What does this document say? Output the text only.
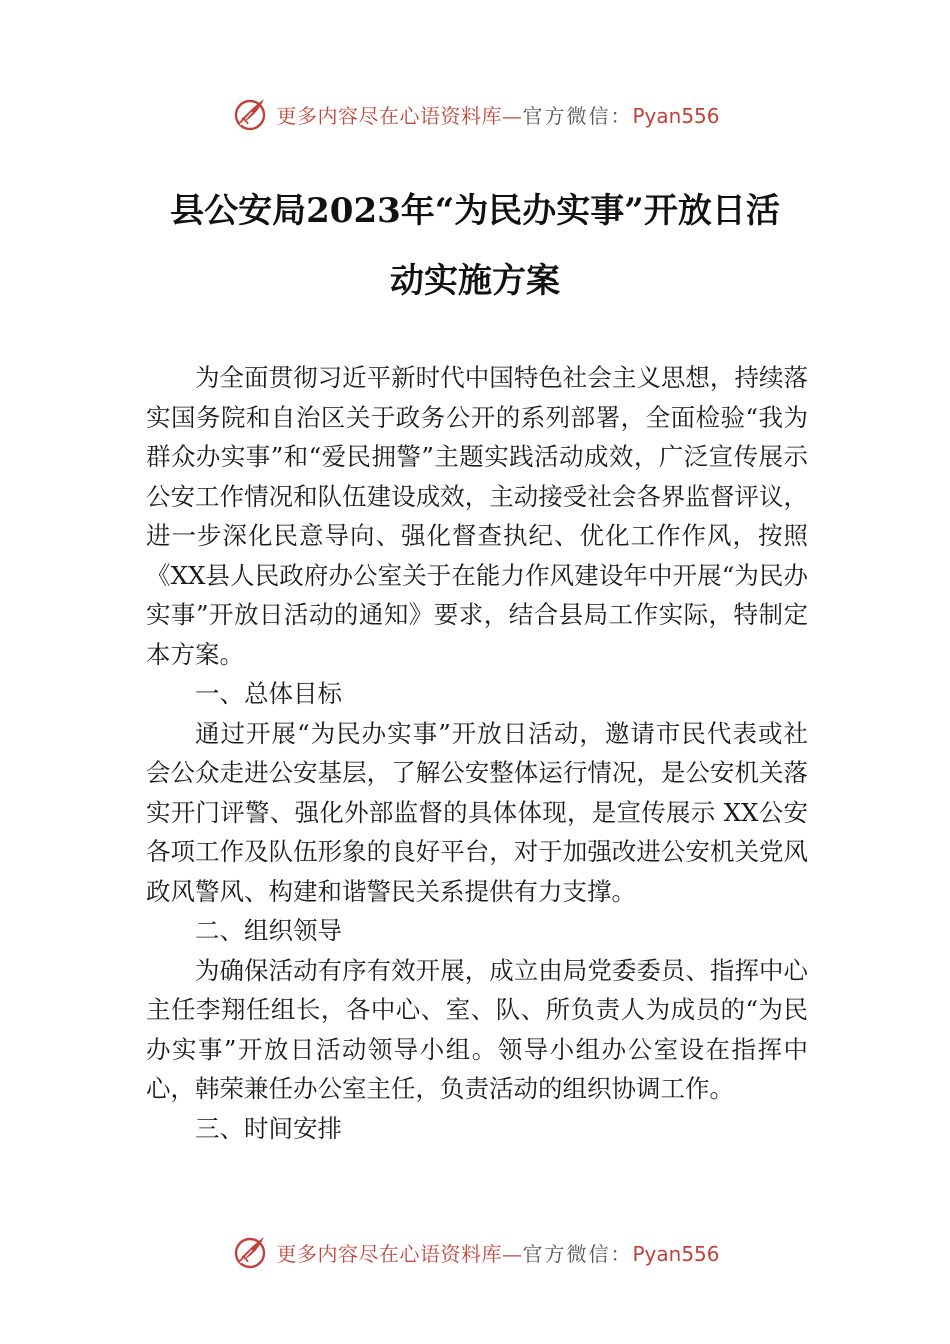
更多内容尽在心语资料库—官方微信：Pyan556
县公安局2023年“为民办实事”开放日活
动实施方案

为全面贯彻习近平新时代中国特色社会主义思想，持续落实国务院和自治区关于政务公开的系列部署，全面检验“我为群众办实事”和“爱民拥警”主题实践活动成效，广泛宣传展示公安工作情况和队伍建设成效，主动接受社会各界监督评议，进一步深化民意导向、强化督查执纪、优化工作作风，按照《XX县人民政府办公室关于在能力作风建设年中开展“为民办实事”开放日活动的通知》要求，结合县局工作实际，特制定本方案。

一、总体目标

通过开展“为民办实事”开放日活动，邀请市民代表或社会公众走进公安基层，了解公安整体运行情况，是公安机关落实开门评警、强化外部监督的具体体现，是宣传展示 XX公安各项工作及队伍形象的良好平台，对于加强改进公安机关党风政风警风、构建和谐警民关系提供有力支撑。

二、组织领导

为确保活动有序有效开展，成立由局党委委员、指挥中心主任李翔任组长，各中心、室、队、所负责人为成员的“为民办实事”开放日活动领导小组。领导小组办公室设在指挥中心，韩荣兼任办公室主任，负责活动的组织协调工作。

三、时间安排

更多内容尽在心语资料库—官方微信：Pyan556
